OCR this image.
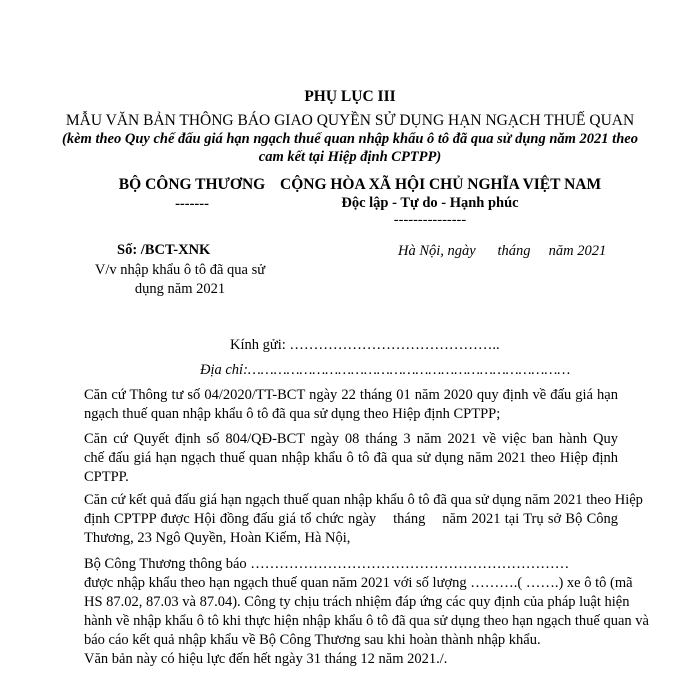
PHỤ LỤC III
MẪU VĂN BẢN THÔNG BÁO GIAO QUYỀN SỬ DỤNG HẠN NGẠCH THUẾ QUAN
(kèm theo Quy chế đấu giá hạn ngạch thuế quan nhập khẩu ô tô đã qua sử dụng năm 2021 theo
cam kết tại Hiệp định CPTPP)
BỘ CÔNG THƯƠNG
-------
Số: /BCT-XNK
V/v nhập khẩu ô tô đã qua sử
dụng năm 2021
CỘNG HÒA XÃ HỘI CHỦ NGHĨA VIỆT NAM
Độc lập - Tự do - Hạnh phúc
---------------
Hà Nội, ngày      tháng     năm 2021
Kính gửi: ……………………………………..
Địa chỉ:…………………………………………………………………
Căn cứ Thông tư số 04/2020/TT-BCT ngày 22 tháng 01 năm 2020 quy định về đấu giá hạn
ngạch thuế quan nhập khẩu ô tô đã qua sử dụng theo Hiệp định CPTPP;
Căn cứ Quyết định số 804/QĐ-BCT ngày 08 tháng 3 năm 2021 về việc ban hành Quy
chế đấu giá hạn ngạch thuế quan nhập khẩu ô tô đã qua sử dụng năm 2021 theo Hiệp định
CPTPP.
Căn cứ kết quả đấu giá hạn ngạch thuế quan nhập khẩu ô tô đã qua sử dụng năm 2021 theo Hiệp
định CPTPP được Hội đồng đấu giá tổ chức ngày    tháng    năm 2021 tại Trụ sở Bộ Công
Thương, 23 Ngô Quyền, Hoàn Kiếm, Hà Nội,
Bộ Công Thương thông báo …………………………………………………………
được nhập khẩu theo hạn ngạch thuế quan năm 2021 với số lượng ……….( …….) xe ô tô (mã
HS 87.02, 87.03 và 87.04). Công ty chịu trách nhiệm đáp ứng các quy định của pháp luật hiện
hành về nhập khẩu ô tô khi thực hiện nhập khẩu ô tô đã qua sử dụng theo hạn ngạch thuế quan và
báo cáo kết quả nhập khẩu về Bộ Công Thương sau khi hoàn thành nhập khẩu.
Văn bản này có hiệu lực đến hết ngày 31 tháng 12 năm 2021./.
